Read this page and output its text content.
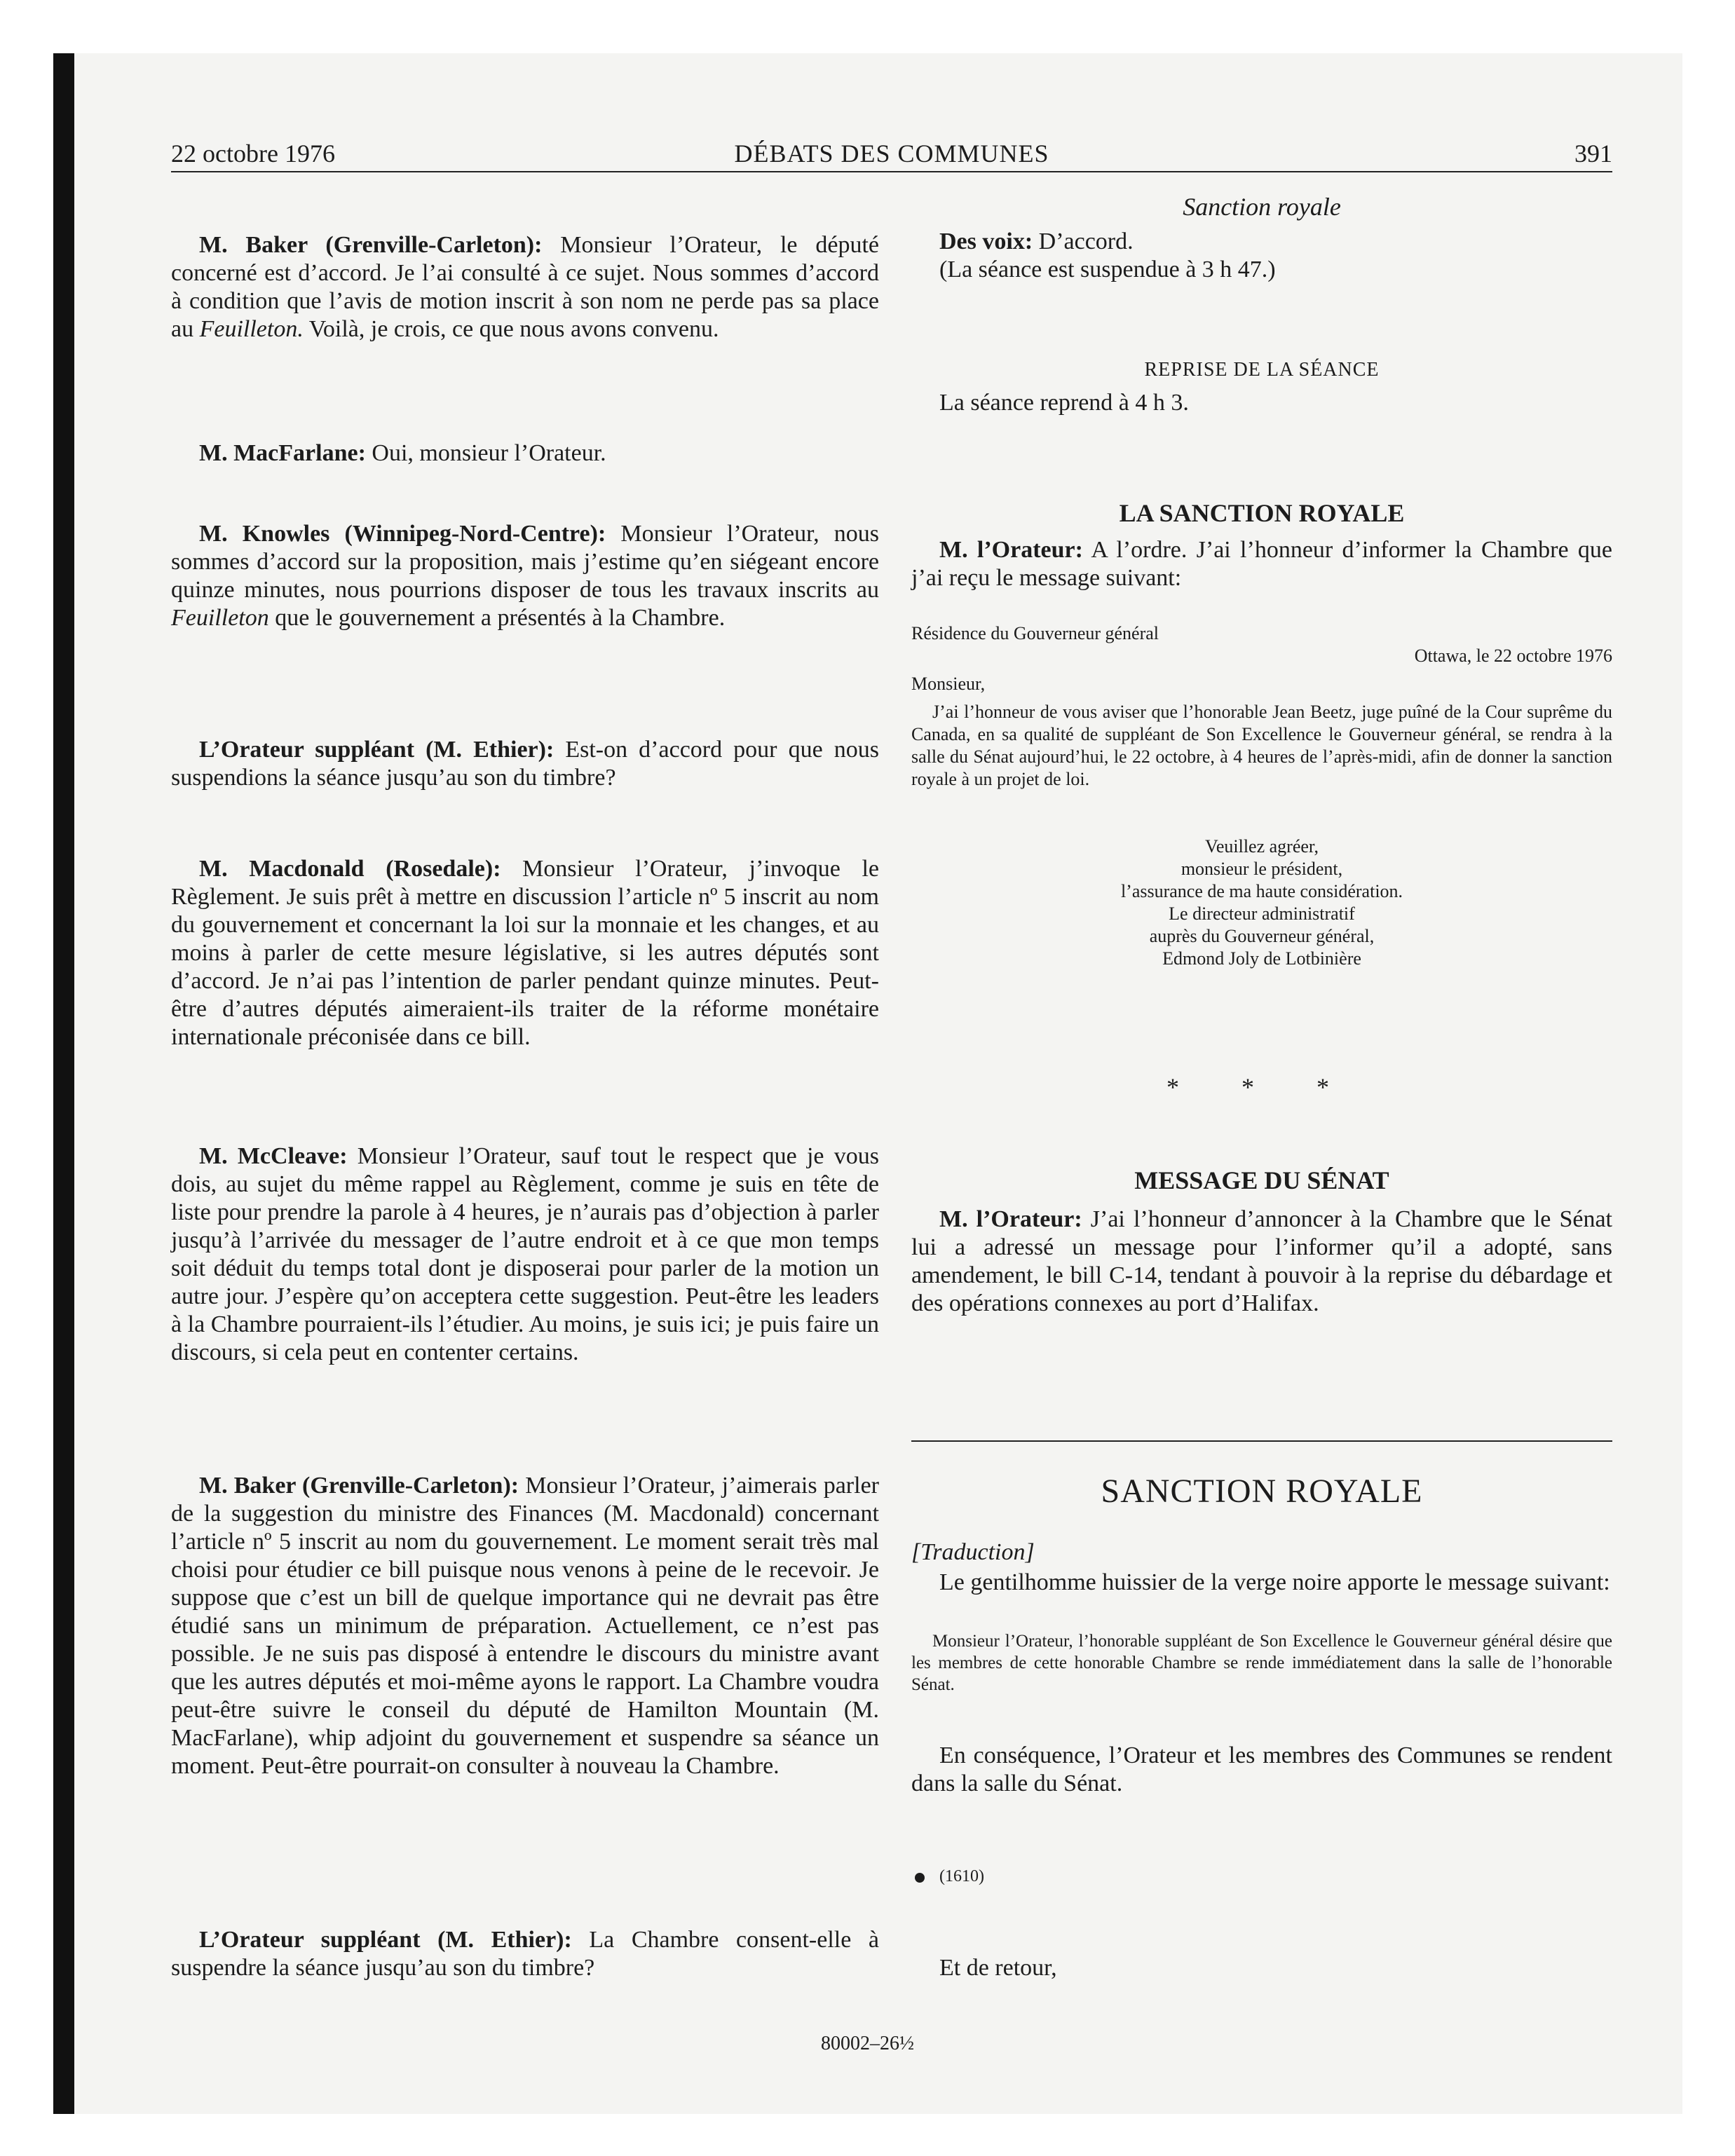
22 octobre 1976	DÉBATS DES COMMUNES	391

M. Baker (Grenville-Carleton): Monsieur l’Orateur, le député concerné est d’accord. Je l’ai consulté à ce sujet. Nous sommes d’accord à condition que l’avis de motion inscrit à son nom ne perde pas sa place au Feuilleton. Voilà, je crois, ce que nous avons convenu.

M. MacFarlane: Oui, monsieur l’Orateur.

M. Knowles (Winnipeg-Nord-Centre): Monsieur l’Orateur, nous sommes d’accord sur la proposition, mais j’estime qu’en siégeant encore quinze minutes, nous pourrions disposer de tous les travaux inscrits au Feuilleton que le gouvernement a présentés à la Chambre.

L’Orateur suppléant (M. Ethier): Est-on d’accord pour que nous suspendions la séance jusqu’au son du timbre?

M. Macdonald (Rosedale): Monsieur l’Orateur, j’invoque le Règlement. Je suis prêt à mettre en discussion l’article nº 5 inscrit au nom du gouvernement et concernant la loi sur la monnaie et les changes, et au moins à parler de cette mesure législative, si les autres députés sont d’accord. Je n’ai pas l’intention de parler pendant quinze minutes. Peut-être d’autres députés aimeraient-ils traiter de la réforme monétaire internationale préconisée dans ce bill.

M. McCleave: Monsieur l’Orateur, sauf tout le respect que je vous dois, au sujet du même rappel au Règlement, comme je suis en tête de liste pour prendre la parole à 4 heures, je n’aurais pas d’objection à parler jusqu’à l’arrivée du messager de l’autre endroit et à ce que mon temps soit déduit du temps total dont je disposerai pour parler de la motion un autre jour. J’espère qu’on acceptera cette suggestion. Peut-être les leaders à la Chambre pourraient-ils l’étudier. Au moins, je suis ici; je puis faire un discours, si cela peut en contenter certains.

M. Baker (Grenville-Carleton): Monsieur l’Orateur, j’aimerais parler de la suggestion du ministre des Finances (M. Macdonald) concernant l’article nº 5 inscrit au nom du gouvernement. Le moment serait très mal choisi pour étudier ce bill puisque nous venons à peine de le recevoir. Je suppose que c’est un bill de quelque importance qui ne devrait pas être étudié sans un minimum de préparation. Actuellement, ce n’est pas possible. Je ne suis pas disposé à entendre le discours du ministre avant que les autres députés et moi-même ayons le rapport. La Chambre voudra peut-être suivre le conseil du député de Hamilton Mountain (M. MacFarlane), whip adjoint du gouvernement et suspendre sa séance un moment. Peut-être pourrait-on consulter à nouveau la Chambre.

L’Orateur suppléant (M. Ethier): La Chambre consent-elle à suspendre la séance jusqu’au son du timbre?

Sanction royale

Des voix: D’accord.

(La séance est suspendue à 3 h 47.)

REPRISE DE LA SÉANCE

La séance reprend à 4 h 3.

LA SANCTION ROYALE

M. l’Orateur: A l’ordre. J’ai l’honneur d’informer la Chambre que j’ai reçu le message suivant:

Résidence du Gouverneur général
Ottawa, le 22 octobre 1976
Monsieur,

J’ai l’honneur de vous aviser que l’honorable Jean Beetz, juge puîné de la Cour suprême du Canada, en sa qualité de suppléant de Son Excellence le Gouverneur général, se rendra à la salle du Sénat aujourd’hui, le 22 octobre, à 4 heures de l’après-midi, afin de donner la sanction royale à un projet de loi.

Veuillez agréer,
monsieur le président,
l’assurance de ma haute considération.
Le directeur administratif
auprès du Gouverneur général,
Edmond Joly de Lotbinière
* * *
MESSAGE DU SÉNAT

M. l’Orateur: J’ai l’honneur d’annoncer à la Chambre que le Sénat lui a adressé un message pour l’informer qu’il a adopté, sans amendement, le bill C-14, tendant à pouvoir à la reprise du débardage et des opérations connexes au port d’Halifax.

SANCTION ROYALE
[Traduction]

Le gentilhomme huissier de la verge noire apporte le message suivant:

Monsieur l’Orateur, l’honorable suppléant de Son Excellence le Gouverneur général désire que les membres de cette honorable Chambre se rende immédiatement dans la salle de l’honorable Sénat.

En conséquence, l’Orateur et les membres des Communes se rendent dans la salle du Sénat.

(1610)

Et de retour,

80002–26½
